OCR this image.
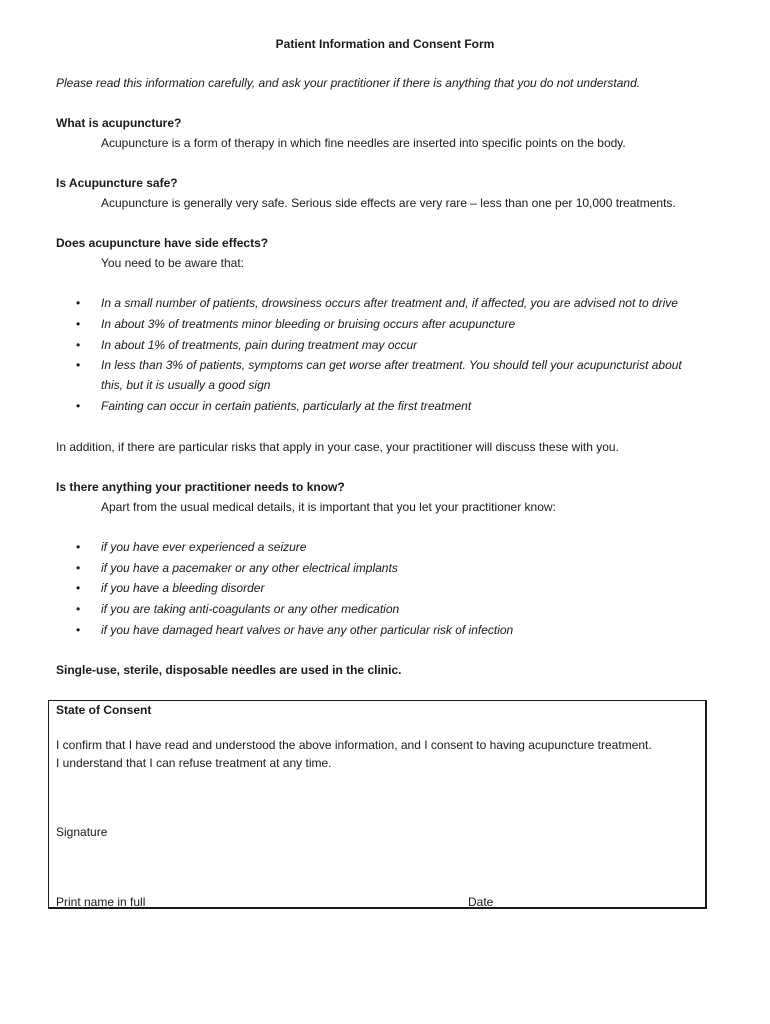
Patient Information and Consent Form
Please read this information carefully, and ask your practitioner if there is anything that you do not understand.
What is acupuncture?
Acupuncture is a form of therapy in which fine needles are inserted into specific points on the body.
Is Acupuncture safe?
Acupuncture is generally very safe. Serious side effects are very rare – less than one per 10,000 treatments.
Does acupuncture have side effects?
You need to be aware that:
• In a small number of patients, drowsiness occurs after treatment and, if affected, you are advised not to drive
• In about 3% of treatments minor bleeding or bruising occurs after acupuncture
• In about 1% of treatments, pain during treatment may occur
• In less than 3% of patients, symptoms can get worse after treatment. You should tell your acupuncturist about
this, but it is usually a good sign
• Fainting can occur in certain patients, particularly at the first treatment
In addition, if there are particular risks that apply in your case, your practitioner will discuss these with you.
Is there anything your practitioner needs to know?
Apart from the usual medical details, it is important that you let your practitioner know:
• if you have ever experienced a seizure
• if you have a pacemaker or any other electrical implants
• if you have a bleeding disorder
• if you are taking anti-coagulants or any other medication
• if you have damaged heart valves or have any other particular risk of infection
Single-use, sterile, disposable needles are used in the clinic.
State of Consent
I confirm that I have read and understood the above information, and I consent to having acupuncture treatment.
I understand that I can refuse treatment at any time.
Signature
Print name in full	Date
